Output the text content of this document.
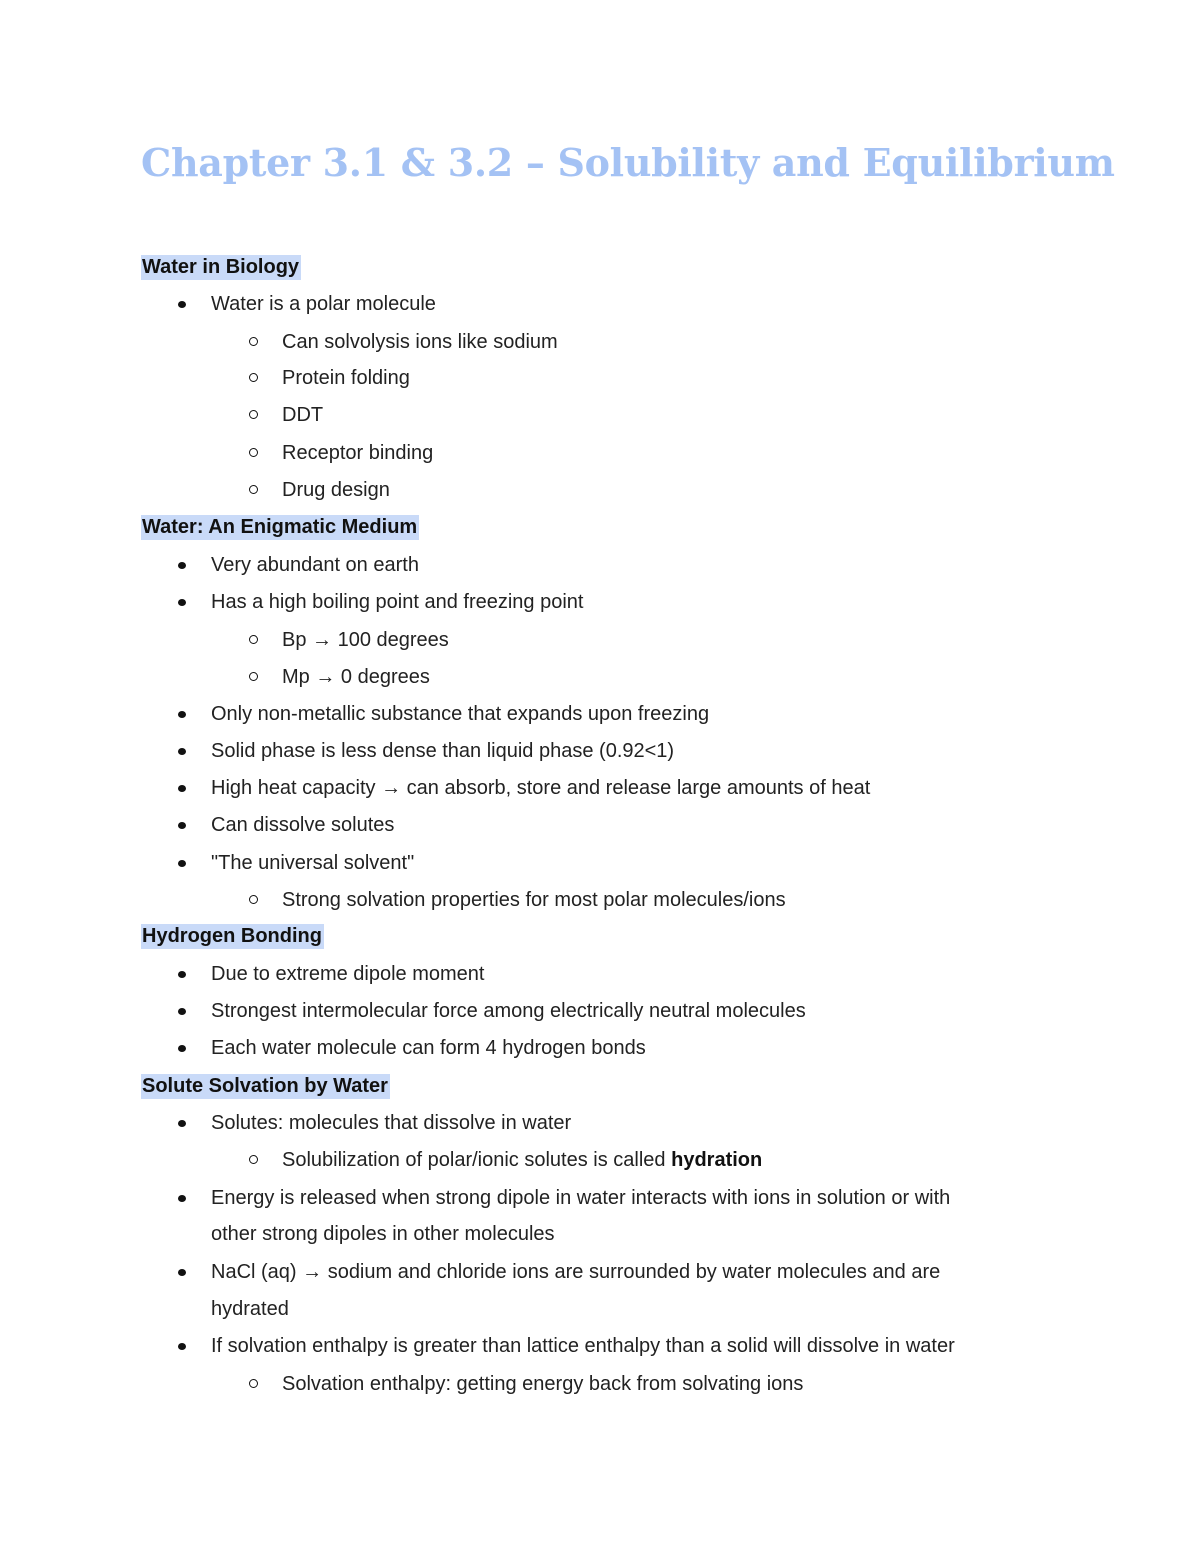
Chapter 3.1 & 3.2 – Solubility and Equilibrium
Water in Biology
Water is a polar molecule
Can solvolysis ions like sodium
Protein folding
DDT
Receptor binding
Drug design
Water: An Enigmatic Medium
Very abundant on earth
Has a high boiling point and freezing point
Bp → 100 degrees
Mp → 0 degrees
Only non-metallic substance that expands upon freezing
Solid phase is less dense than liquid phase (0.92<1)
High heat capacity → can absorb, store and release large amounts of heat
Can dissolve solutes
"The universal solvent"
Strong solvation properties for most polar molecules/ions
Hydrogen Bonding
Due to extreme dipole moment
Strongest intermolecular force among electrically neutral molecules
Each water molecule can form 4 hydrogen bonds
Solute Solvation by Water
Solutes: molecules that dissolve in water
Solubilization of polar/ionic solutes is called hydration
Energy is released when strong dipole in water interacts with ions in solution or with
other strong dipoles in other molecules
NaCl (aq) → sodium and chloride ions are surrounded by water molecules and are
hydrated
If solvation enthalpy is greater than lattice enthalpy than a solid will dissolve in water
Solvation enthalpy: getting energy back from solvating ions
